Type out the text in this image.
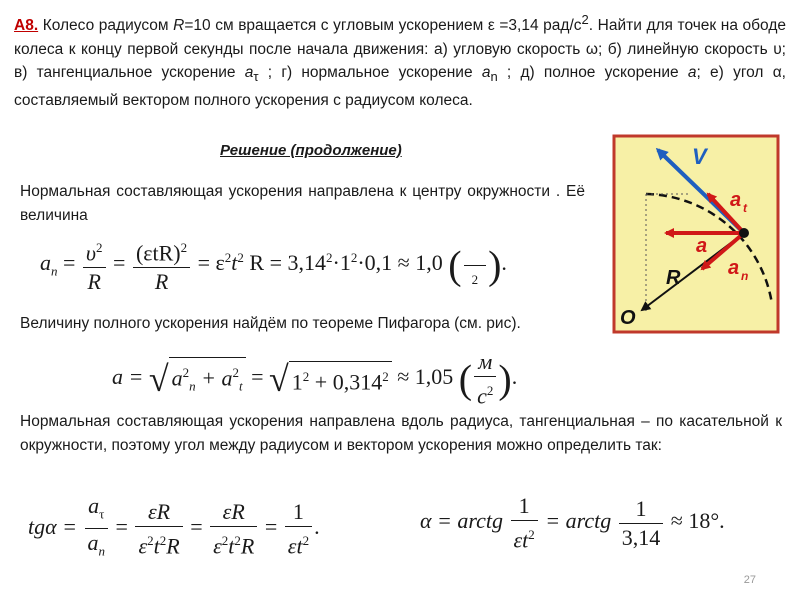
А8. Колесо радиусом R=10 см вращается с угловым ускорением ε =3,14 рад/$с^2$. Найти для точек на ободе колеса к концу первой секунды после начала движения: а) угловую скорость ω; б) линейную скорость υ; в) тангенциальное ускорение $a_\tau$ ; г) нормальное ускорение $a_n$ ; д) полное ускорение a; е) угол α, составляемый вектором полного ускорения с радиусом колеса.
Решение (продолжение)
Нормальная составляющая ускорения направлена к центру окружности . Её величина
$a_n = \frac{\upsilon^2}{R} = \frac{(\varepsilon tR)^2}{R} = \varepsilon^2t^2$ $R = 3,14^2\cdot 1^2\cdot 0,1 \approx 1,0$ (
2 ).
Величину полного ускорения найдём по теореме Пифагора (см. рис).
a = √ $a^2_n + a^2_t$ = √ $1^2 + 0,314^2 \approx 1,05$ ( $\frac{м}{с^2}$ ).
Нормальная составляющая ускорения направлена вдоль радиуса, тангенциальная – по касательной к окружности, поэтому угол между радиусом и вектором ускорения можно определить так:
$tg\alpha = \frac{a_\tau}{a_n} = \frac{\varepsilon R}{\varepsilon^2t^2R} = \frac{\varepsilon R}{\varepsilon^2t^2R} = \frac{1}{\varepsilon t^2}$ .	α = arctg $\frac{1}{\varepsilon t^2}$ = arctg $\frac{1}{3,14} \approx 18^\circ$.
V
a t
a
a n
R
O
27
